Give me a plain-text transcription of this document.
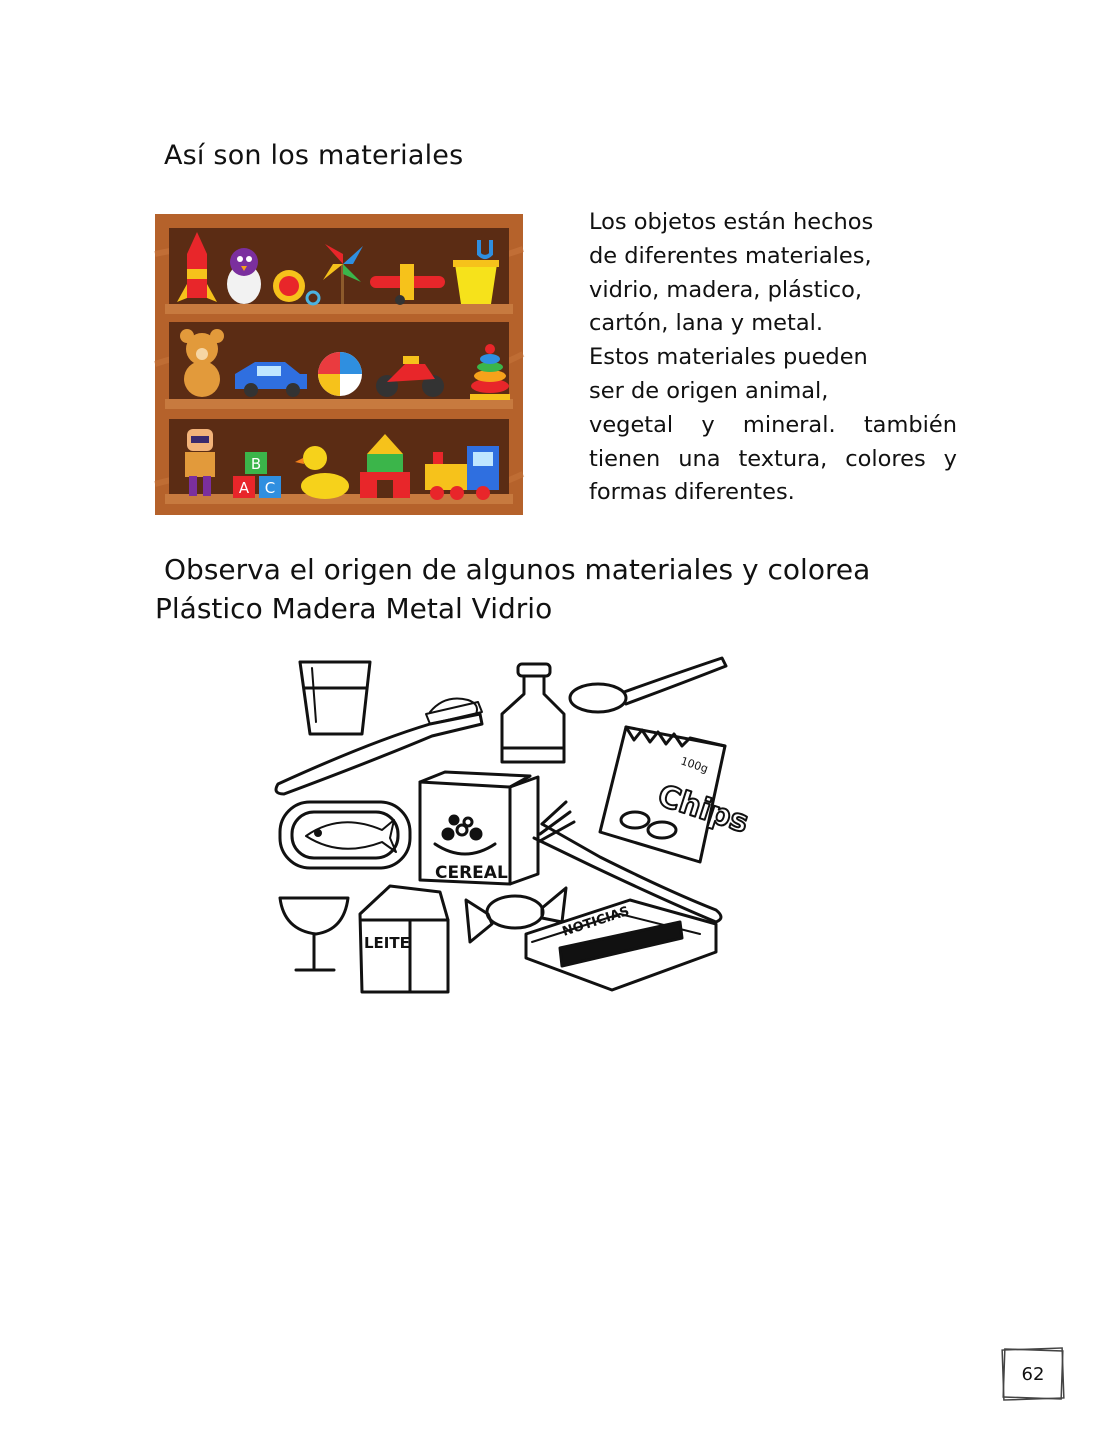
Así son los materiales
B
A C
Los objetos están hechos
de diferentes materiales,
vidrio, madera, plástico,
cartón, lana y metal.
Estos materiales pueden
ser de origen animal,
vegetal y mineral. también
tienen una textura, colores y
formas diferentes.
Observa el origen de algunos materiales y colorea
Plástico Madera Metal Vidrio
Chips
100g
CEREAL
LEITE
NOTICIAS
62
